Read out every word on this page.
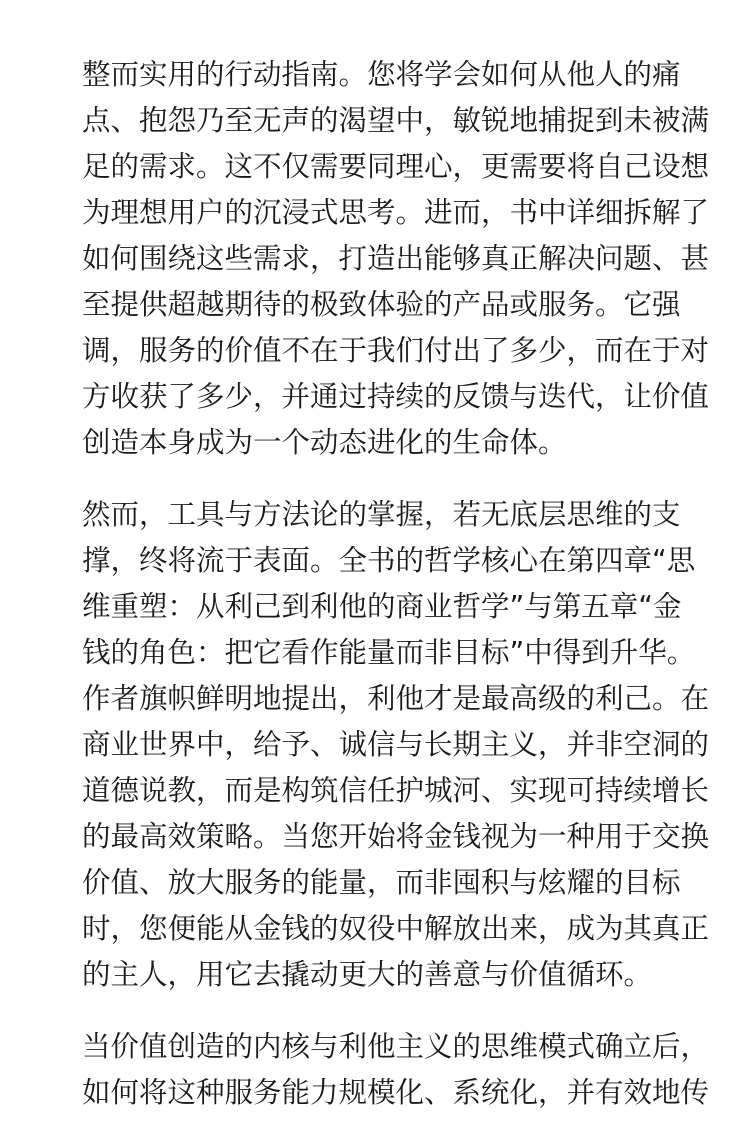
整而实用的行动指南。您将学会如何从他人的痛
点、抱怨乃至无声的渴望中，敏锐地捕捉到未被满
足的需求。这不仅需要同理心，更需要将自己设想
为理想用户的沉浸式思考。进而，书中详细拆解了
如何围绕这些需求，打造出能够真正解决问题、甚
至提供超越期待的极致体验的产品或服务。它强
调，服务的价值不在于我们付出了多少，而在于对
方收获了多少，并通过持续的反馈与迭代，让价值
创造本身成为一个动态进化的生命体。
然而，工具与方法论的掌握，若无底层思维的支
撑，终将流于表面。全书的哲学核心在第四章“思
维重塑：从利己到利他的商业哲学”与第五章“金
钱的角色：把它看作能量而非目标”中得到升华。
作者旗帜鲜明地提出，利他才是最高级的利己。在
商业世界中，给予、诚信与长期主义，并非空洞的
道德说教，而是构筑信任护城河、实现可持续增长
的最高效策略。当您开始将金钱视为一种用于交换
价值、放大服务的能量，而非囤积与炫耀的目标
时，您便能从金钱的奴役中解放出来，成为其真正
的主人，用它去撬动更大的善意与价值循环。
当价值创造的内核与利他主义的思维模式确立后，
如何将这种服务能力规模化、系统化，并有效地传
